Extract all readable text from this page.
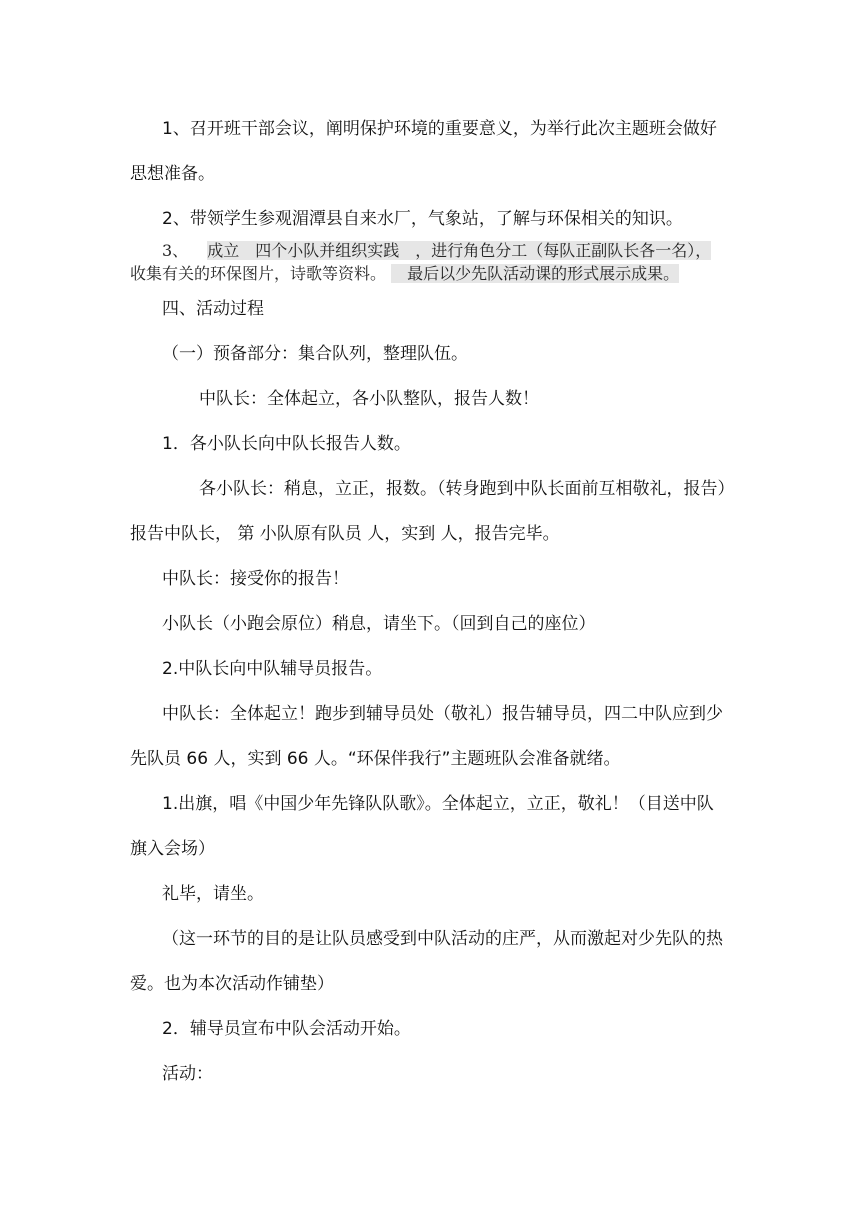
1、召开班干部会议，阐明保护环境的重要意义，为举行此次主题班会做好
思想准备。
2、带领学生参观湄潭县自来水厂，气象站，了解与环保相关的知识。
3、 成立　四个小队并组织实践　，进行角色分工（每队正副队长各一名），
收集有关的环保图片，诗歌等资料。 　最后以少先队活动课的形式展示成果。
四、活动过程
（一）预备部分：集合队列，整理队伍。
中队长：全体起立，各小队整队，报告人数！
1．各小队长向中队长报告人数。
各小队长：稍息，立正，报数。（转身跑到中队长面前互相敬礼，报告）
报告中队长， 第 小队原有队员 人，实到 人，报告完毕。
中队长：接受你的报告！
小队长（小跑会原位）稍息，请坐下。（回到自己的座位）
2.中队长向中队辅导员报告。
中队长：全体起立！跑步到辅导员处（敬礼）报告辅导员，四二中队应到少
先队员 66 人，实到 66 人。“环保伴我行”主题班队会准备就绪。
1.出旗，唱《中国少年先锋队队歌》。全体起立，立正，敬礼！（目送中队
旗入会场）
礼毕，请坐。
（这一环节的目的是让队员感受到中队活动的庄严，从而激起对少先队的热
爱。也为本次活动作铺垫）
2．辅导员宣布中队会活动开始。
活动：
